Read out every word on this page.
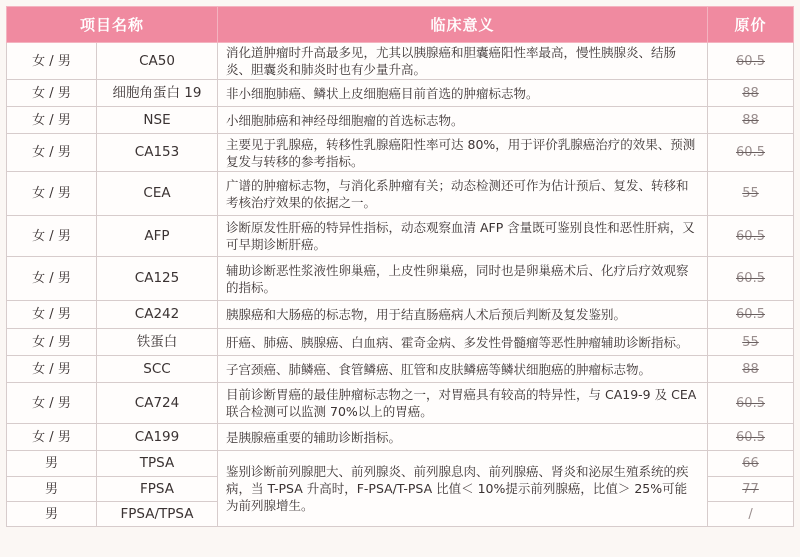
项目名称		临床意义	原价
女 / 男	CA50	消化道肿瘤时升高最多见，尤其以胰腺癌和胆囊癌阳性率最高，慢性胰腺炎、结肠炎、胆囊炎和肺炎时也有少量升高。	60.5
女 / 男	细胞角蛋白 19	非小细胞肺癌、鳞状上皮细胞癌目前首选的肿瘤标志物。	88
女 / 男	NSE	小细胞肺癌和神经母细胞瘤的首选标志物。	88
女 / 男	CA153	主要见于乳腺癌，转移性乳腺癌阳性率可达 80%，用于评价乳腺癌治疗的效果、预测复发与转移的参考指标。	60.5
女 / 男	CEA	广谱的肿瘤标志物，与消化系肿瘤有关；动态检测还可作为估计预后、复发、转移和考核治疗效果的依据之一。	55
女 / 男	AFP	诊断原发性肝癌的特异性指标，动态观察血清 AFP 含量既可鉴别良性和恶性肝病，又可早期诊断肝癌。	60.5
女 / 男	CA125	辅助诊断恶性浆液性卵巢癌，上皮性卵巢癌，同时也是卵巢癌术后、化疗后疗效观察的指标。	60.5
女 / 男	CA242	胰腺癌和大肠癌的标志物，用于结直肠癌病人术后预后判断及复发鉴别。	60.5
女 / 男	铁蛋白	肝癌、肺癌、胰腺癌、白血病、霍奇金病、多发性骨髓瘤等恶性肿瘤辅助诊断指标。	55
女 / 男	SCC	子宫颈癌、肺鳞癌、食管鳞癌、肛管和皮肤鳞癌等鳞状细胞癌的肿瘤标志物。	88
女 / 男	CA724	目前诊断胃癌的最佳肿瘤标志物之一，对胃癌具有较高的特异性，与 CA19-9 及 CEA 联合检测可以监测 70%以上的胃癌。	60.5
女 / 男	CA199	是胰腺癌重要的辅助诊断指标。	60.5
男	TPSA	鉴别诊断前列腺肥大、前列腺炎、前列腺息肉、前列腺癌、肾炎和泌尿生殖系统的疾病，当 T-PSA 升高时，F-PSA/T-PSA 比值＜ 10%提示前列腺癌，比值＞ 25%可能为前列腺增生。	66
男	FPSA		77
男	FPSA/TPSA		/
